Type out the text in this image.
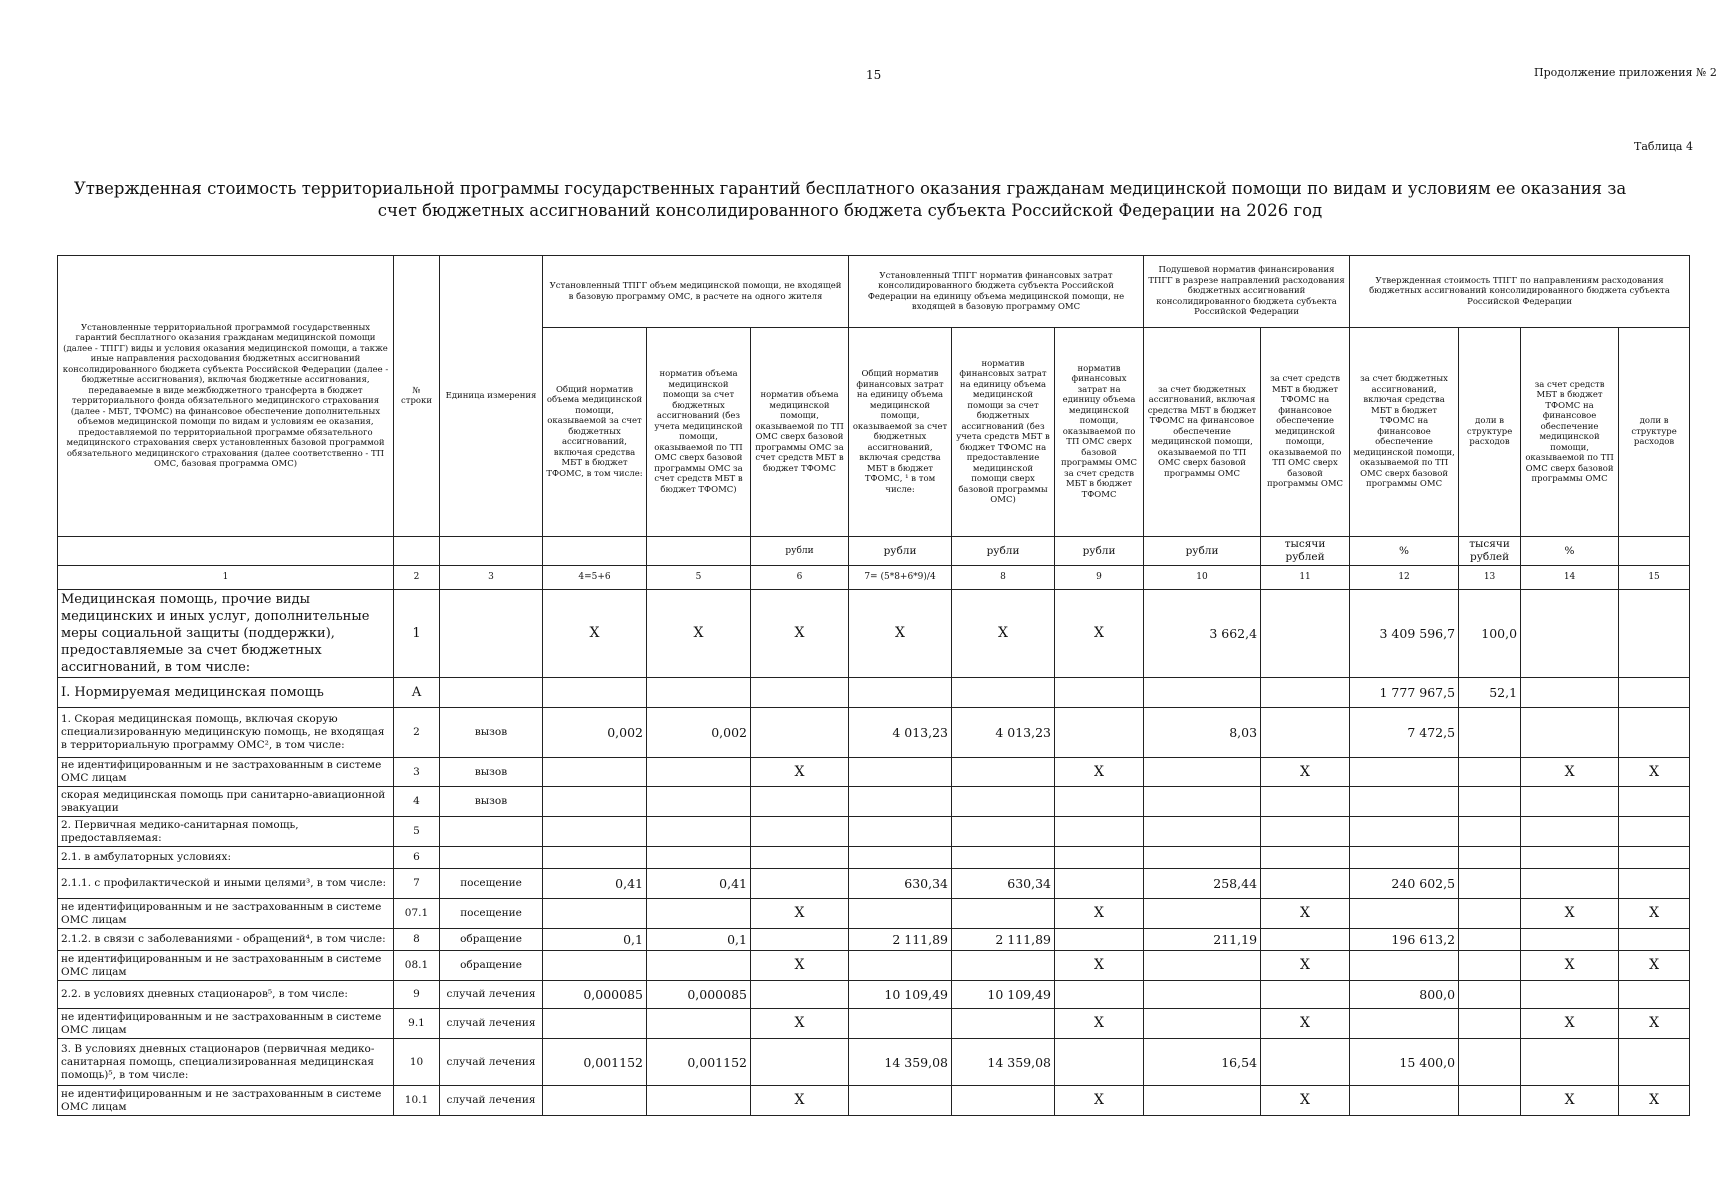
15	Продолжение приложения № 2
Таблица 4
Утвержденная стоимость территориальной программы государственных гарантий бесплатного оказания гражданам медицинской помощи по видам и условиям ее оказания за счет бюджетных ассигнований консолидированного бюджета субъекта Российской Федерации на 2026 год
Установленные территориальной программой государственных гарантий бесплатного оказания гражданам медицинской помощи (далее - ТПГГ) виды и условия оказания медицинской помощи, а также иные направления расходования бюджетных ассигнований консолидированного бюджета субъекта Российской Федерации (далее - бюджетные ассигнования), включая бюджетные ассигнования, передаваемые в виде межбюджетного трансферта в бюджет территориального фонда обязательного медицинского страхования (далее - МБТ, ТФОМС) на финансовое обеспечение дополнительных объемов медицинской помощи по видам и условиям ее оказания, предоставляемой по территориальной программе обязательного медицинского страхования сверх установленных базовой программой обязательного медицинского страхования (далее соответственно - ТП ОМС, базовая программа ОМС)	№ строки	Единица измерения	Установленный ТПГГ объем медицинской помощи, не входящей в базовую программу ОМС, в расчете на одного жителя			Установленный ТПГГ норматив финансовых затрат консолидированного бюджета субъекта Российской Федерации на единицу объема медицинской помощи, не входящей в базовую программу ОМС			Подушевой норматив финансирования ТПГГ в разрезе направлений расходования бюджетных ассигнований консолидированного бюджета субъекта Российской Федерации		Утвержденная стоимость ТПГГ по направлениям расходования бюджетных ассигнований консолидированного бюджета субъекта Российской Федерации			
			Общий норматив объема медицинской помощи, оказываемой за счет бюджетных ассигнований, включая средства МБТ в бюджет ТФОМС, в том числе:	норматив объема медицинской помощи за счет бюджетных ассигнований (без учета медицинской помощи, оказываемой по ТП ОМС сверх базовой программы ОМС за счет средств МБТ в бюджет ТФОМС)	норматив объема медицинской помощи, оказываемой по ТП ОМС сверх базовой программы ОМС за счет средств МБТ в бюджет ТФОМС	Общий норматив финансовых затрат на единицу объема медицинской помощи, оказываемой за счет бюджетных ассигнований, включая средства МБТ в бюджет ТФОМС, ¹ в том числе:	норматив финансовых затрат на единицу объема медицинской помощи за счет бюджетных ассигнований (без учета средств МБТ в бюджет ТФОМС на предоставление медицинской помощи сверх базовой программы ОМС)	норматив финансовых затрат на единицу объема медицинской помощи, оказываемой по ТП ОМС сверх базовой программы ОМС за счет средств МБТ в бюджет ТФОМС	за счет бюджетных ассигнований, включая средства МБТ в бюджет ТФОМС на финансовое обеспечение медицинской помощи, оказываемой по ТП ОМС сверх базовой программы ОМС	за счет средств МБТ в бюджет ТФОМС на финансовое обеспечение медицинской помощи, оказываемой по ТП ОМС сверх базовой программы ОМС	за счет бюджетных ассигнований, включая средства МБТ в бюджет ТФОМС на финансовое обеспечение медицинской помощи, оказываемой по ТП ОМС сверх базовой программы ОМС	доли в структуре расходов	за счет средств МБТ в бюджет ТФОМС на финансовое обеспечение медицинской помощи, оказываемой по ТП ОМС сверх базовой программы ОМС	доли в структуре расходов
					рубли	рубли	рубли	рубли	рубли	тысячи рублей	%	тысячи рублей	%	
1	2	3	4=5+6	5	6	7= (5*8+6*9)/4	8	9	10	11	12	13	14	15
Медицинская помощь, прочие виды медицинских и иных услуг, дополнительные меры социальной защиты (поддержки), предоставляемые за счет бюджетных ассигнований, в том числе:	1		X	X	X	X	X	X	3 662,4		3 409 596,7	100,0		
I. Нормируемая медицинская помощь	А										1 777 967,5	52,1		
1. Скорая медицинская помощь, включая скорую специализированную медицинскую помощь, не входящая в территориальную программу ОМС², в том числе:	2	вызов	0,002	0,002		4 013,23	4 013,23		8,03		7 472,5			
не идентифицированным и не застрахованным в системе ОМС лицам	3	вызов			X			X		X			X	X
скорая медицинская помощь при санитарно-авиационной эвакуации	4	вызов												
2. Первичная медико-санитарная помощь, предоставляемая:	5													
2.1. в амбулаторных условиях:	6													
2.1.1. с профилактической и иными целями³, в том числе:	7	посещение	0,41	0,41		630,34	630,34		258,44		240 602,5			
не идентифицированным и не застрахованным в системе ОМС лицам	07.1	посещение			X			X		X			X	X
2.1.2. в связи с заболеваниями - обращений⁴, в том числе:	8	обращение	0,1	0,1		2 111,89	2 111,89		211,19		196 613,2			
не идентифицированным и не застрахованным в системе ОМС лицам	08.1	обращение			X			X		X			X	X
2.2. в условиях дневных стационаров⁵, в том числе:	9	случай лечения	0,000085	0,000085		10 109,49	10 109,49				800,0			
не идентифицированным и не застрахованным в системе ОМС лицам	9.1	случай лечения			X			X		X			X	X
3. В условиях дневных стационаров (первичная медико-санитарная помощь, специализированная медицинская помощь)⁵, в том числе:	10	случай лечения	0,001152	0,001152		14 359,08	14 359,08		16,54		15 400,0			
не идентифицированным и не застрахованным в системе ОМС лицам	10.1	случай лечения			X			X		X			X	X
